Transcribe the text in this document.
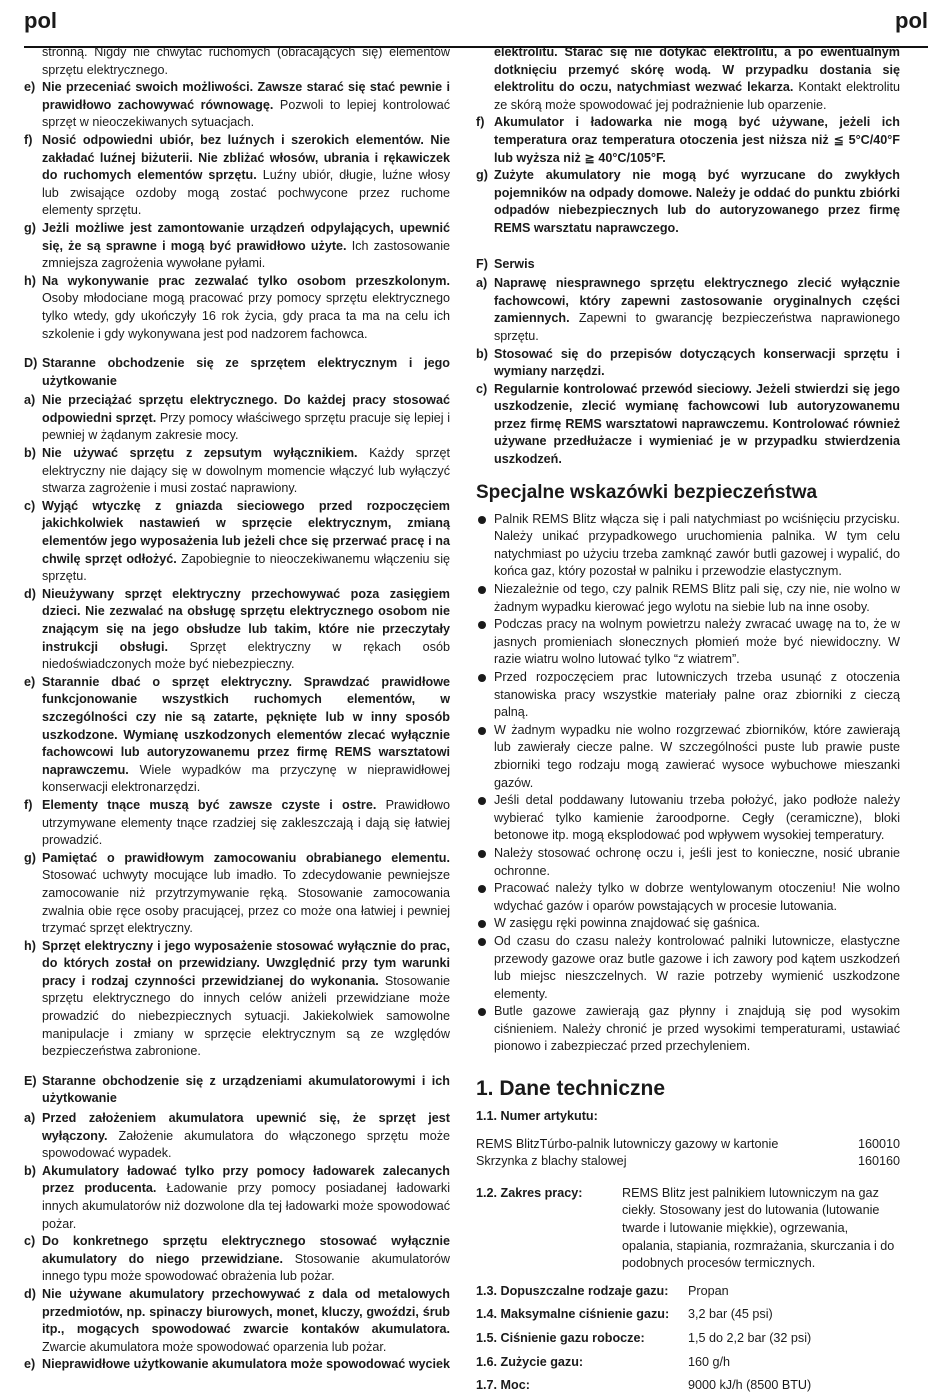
pol	pol
stronną. Nigdy nie chwytać ruchomych (obracających się) elementów sprzętu elektrycznego.
e) Nie przeceniać swoich możliwości. Zawsze starać się stać pewnie i prawidłowo zachowywać równowagę. Pozwoli to lepiej kontrolować sprzęt w nieoczekiwanych sytuacjach.
f) Nosić odpowiedni ubiór, bez luźnych i szerokich elementów. Nie zakładać luźnej biżuterii. Nie zbliżać włosów, ubrania i rękawiczek do ruchomych elementów sprzętu. Luźny ubiór, długie, luźne włosy lub zwisające ozdoby mogą zostać pochwycone przez ruchome elementy sprzętu.
g) Jeżli możliwe jest zamontowanie urządzeń odpylających, upewnić się, że są sprawne i mogą być prawidłowo użyte. Ich zastosowanie zmniejsza zagrożenia wywołane pyłami.
h) Na wykonywanie prac zezwalać tylko osobom przeszkolonym. Osoby młodociane mogą pracować przy pomocy sprzętu elektrycznego tylko wtedy, gdy ukończyły 16 rok życia, gdy praca ta ma na celu ich szkolenie i gdy wykonywana jest pod nadzorem fachowca.
D) Staranne obchodzenie się ze sprzętem elektrycznym i jego użytkowanie
a) Nie przeciążać sprzętu elektrycznego. Do każdej pracy stosować odpowiedni sprzęt. Przy pomocy właściwego sprzętu pracuje się lepiej i pewniej w żądanym zakresie mocy.
b) Nie używać sprzętu z zepsutym wyłącznikiem. Każdy sprzęt elektryczny nie dający się w dowolnym momencie włączyć lub wyłączyć stwarza zagrożenie i musi zostać naprawiony.
c) Wyjąć wtyczkę z gniazda sieciowego przed rozpoczęciem jakichkolwiek nastawień w sprzęcie elektrycznym, zmianą elementów jego wyposażenia lub jeżeli chce się przerwać pracę i na chwilę sprzęt odłożyć. Zapobiegnie to nieoczekiwanemu włączeniu się sprzętu.
d) Nieużywany sprzęt elektryczny przechowywać poza zasięgiem dzieci. Nie zezwalać na obsługę sprzętu elektrycznego osobom nie znającym się na jego obsłudze lub takim, które nie przeczytały instrukcji obsługi. Sprzęt elektryczny w rękach osób niedoświadczonych może być niebezpieczny.
e) Starannie dbać o sprzęt elektryczny. Sprawdzać prawidłowe funkcjonowanie wszystkich ruchomych elementów, w szczególności czy nie są zatarte, pęknięte lub w inny sposób uszkodzone. Wymianę uszkodzonych elementów zlecać wyłącznie fachowcowi lub autoryzowanemu przez firmę REMS warsztatowi naprawczemu. Wiele wypadków ma przyczynę w nieprawidłowej konserwacji elektronarzędzi.
f) Elementy tnące muszą być zawsze czyste i ostre. Prawidłowo utrzymywane elementy tnące rzadziej się zakleszczają i dają się łatwiej prowadzić.
g) Pamiętać o prawidłowym zamocowaniu obrabianego elementu. Stosować uchwyty mocujące lub imadło. To zdecydowanie pewniejsze zamocowanie niż przytrzymywanie ręką. Stosowanie zamocowania zwalnia obie ręce osoby pracującej, przez co może ona łatwiej i pewniej trzymać sprzęt elektryczny.
h) Sprzęt elektryczny i jego wyposażenie stosować wyłącznie do prac, do których został on przewidziany. Uwzględnić przy tym warunki pracy i rodzaj czynności przewidzianej do wykonania. Stosowanie sprzętu elektrycznego do innych celów aniżeli przewidziane może prowadzić do niebezpiecznych sytuacji. Jakiekolwiek samowolne manipulacje i zmiany w sprzęcie elektrycznym są ze względów bezpieczeństwa zabronione.
E) Staranne obchodzenie się z urządzeniami akumulatorowymi i ich użytkowanie
a) Przed założeniem akumulatora upewnić się, że sprzęt jest wyłączony. Założenie akumulatora do włączonego sprzętu może spowodować wypadek.
b) Akumulatory ładować tylko przy pomocy ładowarek zalecanych przez producenta. Ładowanie przy pomocy posiadanej ładowarki innych akumulatorów niż dozwolone dla tej ładowarki może spowodować pożar.
c) Do konkretnego sprzętu elektrycznego stosować wyłącznie akumulatory do niego przewidziane. Stosowanie akumulatorów innego typu może spowodować obrażenia lub pożar.
d) Nie używane akumulatory przechowywać z dala od metalowych przedmiotów, np. spinaczy biurowych, monet, kluczy, gwoździ, śrub itp., mogących spowodować zwarcie kontaków akumulatora. Zwarcie akumulatora może spowodować oparzenia lub pożar.
e) Nieprawidłowe użytkowanie akumulatora może spowodować wyciek
elektrolitu. Starać się nie dotykać elektrolitu, a po ewentualnym dotknięciu przemyć skórę wodą. W przypadku dostania się elektrolitu do oczu, natychmiast wezwać lekarza. Kontakt elektrolitu ze skórą może spowodować jej podrażnienie lub oparzenie.
f) Akumulator i ładowarka nie mogą być używane, jeżeli ich temperatura oraz temperatura otoczenia jest niższa niż ≦ 5°C/40°F lub wyższa niż ≧ 40°C/105°F.
g) Zużyte akumulatory nie mogą być wyrzucane do zwykłych pojemników na odpady domowe. Należy je oddać do punktu zbiórki odpadów niebezpiecznych lub do autoryzowanego przez firmę REMS warsztatu naprawczego.
F) Serwis
a) Naprawę niesprawnego sprzętu elektrycznego zlecić wyłącznie fachowcowi, który zapewni zastosowanie oryginalnych części zamiennych. Zapewni to gwarancję bezpieczeństwa naprawionego sprzętu.
b) Stosować się do przepisów dotyczących konserwacji sprzętu i wymiany narzędzi.
c) Regularnie kontrolować przewód sieciowy. Jeżeli stwierdzi się jego uszkodzenie, zlecić wymianę fachowcowi lub autoryzowanemu przez firmę REMS warsztatowi naprawczemu. Kontrolować również używane przedłużacze i wymieniać je w przypadku stwierdzenia uszkodzeń.
Specjalne wskazówki bezpieczeństwa
Palnik REMS Blitz włącza się i pali natychmiast po wciśnięciu przycisku. Należy unikać przypadkowego uruchomienia palnika. W tym celu natychmiast po użyciu trzeba zamknąć zawór butli gazowej i wypalić, do końca gaz, który pozostał w palniku i przewodzie elastycznym.
Niezależnie od tego, czy palnik REMS Blitz pali się, czy nie, nie wolno w żadnym wypadku kierować jego wylotu na siebie lub na inne osoby.
Podczas pracy na wolnym powietrzu należy zwracać uwagę na to, że w jasnych promieniach słonecznych płomień może być niewidoczny. W razie wiatru wolno lutować tylko “z wiatrem”.
Przed rozpoczęciem prac lutowniczych trzeba usunąć z otoczenia stanowiska pracy wszystkie materiały palne oraz zbiorniki z cieczą palną.
W żadnym wypadku nie wolno rozgrzewać zbiorników, które zawierają lub zawierały ciecze palne. W szczególności puste lub prawie puste zbiorniki tego rodzaju mogą zawierać wysoce wybuchowe mieszanki gazów.
Jeśli detal poddawany lutowaniu trzeba położyć, jako podłoże należy wybierać tylko kamienie żaroodporne. Cegły (ceramiczne), bloki betonowe itp. mogą eksplodować pod wpływem wysokiej temperatury.
Należy stosować ochronę oczu i, jeśli jest to konieczne, nosić ubranie ochronne.
Pracować należy tylko w dobrze wentylowanym otoczeniu! Nie wolno wdychać gazów i oparów powstających w procesie lutowania.
W zasięgu ręki powinna znajdować się gaśnica.
Od czasu do czasu należy kontrolować palniki lutownicze, elastyczne przewody gazowe oraz butle gazowe i ich zawory pod kątem uszkodzeń lub miejsc nieszczelnych. W razie potrzeby wymienić uszkodzone elementy.
Butle gazowe zawierają gaz płynny i znajdują się pod wysokim ciśnieniem. Należy chronić je przed wysokimi temperaturami, ustawiać pionowo i zabezpieczać przed przechyleniem.
1. Dane techniczne
1.1. Numer artykutu:
REMS BlitzTúrbo-palnik lutowniczy gazowy w kartonie	160010
Skrzynka z blachy stalowej	160160
1.2. Zakres pracy:	REMS Blitz jest palnikiem lutowniczym na gaz ciekły. Stosowany jest do lutowania (lutowanie twarde i lutowanie miękkie), ogrzewania, opalania, stapiania, rozmrażania, skurczania i do podobnych procesów termicznych.
1.3. Dopuszczalne rodzaje gazu:	Propan
1.4. Maksymalne ciśnienie gazu:	3,2 bar (45 psi)
1.5. Ciśnienie gazu robocze:	1,5 do 2,2 bar (32 psi)
1.6. Zużycie gazu:	160 g/h
1.7. Moc:	9000 kJ/h (8500 BTU)
